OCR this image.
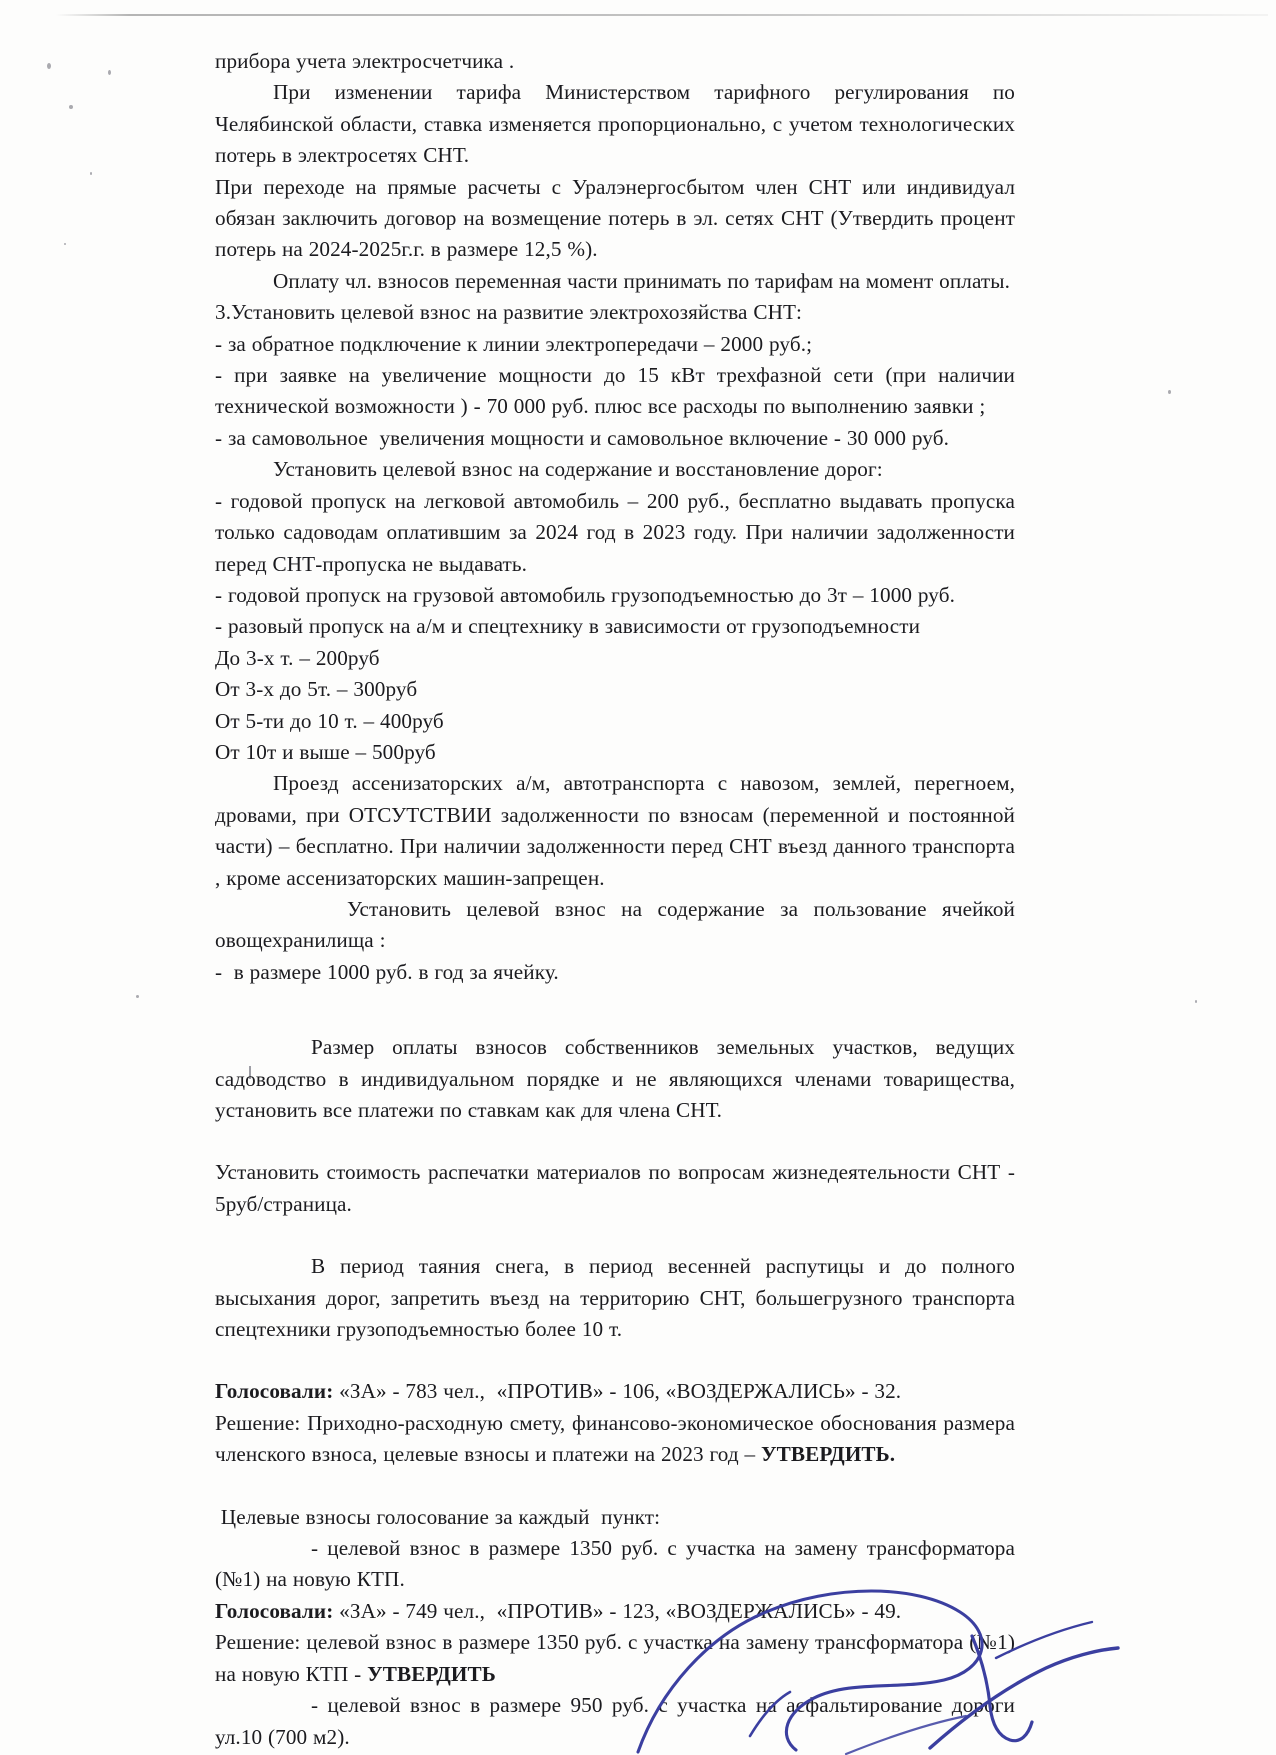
прибора учета электросчетчика .

При изменении тарифа Министерством тарифного регулирования по Челябинской области, ставка изменяется пропорционально, с учетом технологических потерь в электросетях СНТ.

При переходе на прямые расчеты с Уралэнергосбытом член СНТ или индивидуал обязан заключить договор на возмещение потерь в эл. сетях СНТ (Утвердить процент потерь на 2024-2025г.г. в размере 12,5 %).

Оплату чл. взносов переменная части принимать по тарифам на момент оплаты.

3.Установить целевой взнос на развитие электрохозяйства СНТ:

- за обратное подключение к линии электропередачи – 2000 руб.;

- при заявке на увеличение мощности до 15 кВт трехфазной сети (при наличии технической возможности ) - 70 000 руб. плюс все расходы по выполнению заявки ;

- за самовольное  увеличения мощности и самовольное включение - 30 000 руб.

Установить целевой взнос на содержание и восстановление дорог:

- годовой пропуск на легковой автомобиль – 200 руб., бесплатно выдавать пропуска только садоводам оплатившим за 2024 год в 2023 году. При наличии задолженности перед СНТ-пропуска не выдавать.

- годовой пропуск на грузовой автомобиль грузоподъемностью до 3т – 1000 руб.

- разовый пропуск на а/м и спецтехнику в зависимости от грузоподъемности

До 3-х т. – 200руб

От 3-х до 5т. – 300руб

От 5-ти до 10 т. – 400руб

От 10т и выше – 500руб

Проезд ассенизаторских а/м, автотранспорта с навозом, землей, перегноем, дровами, при ОТСУТСТВИИ задолженности по взносам (переменной и постоянной части) – бесплатно. При наличии задолженности перед СНТ въезд данного транспорта , кроме ассенизаторских машин-запрещен.

Установить целевой взнос на содержание за пользование ячейкой овощехранилища :

-  в размере 1000 руб. в год за ячейку.

Размер оплаты взносов собственников земельных участков, ведущих садоводство в индивидуальном порядке и не являющихся членами товарищества, установить все платежи по ставкам как для члена СНТ.

Установить стоимость распечатки материалов по вопросам жизнедеятельности СНТ - 5руб/страница.

В период таяния снега, в период весенней распутицы и до полного высыхания дорог, запретить въезд на территорию СНТ, большегрузного транспорта спецтехники грузоподъемностью более 10 т.

Голосовали: «ЗА» - 783 чел.,  «ПРОТИВ» - 106, «ВОЗДЕРЖАЛИСЬ» - 32.

Решение: Приходно-расходную смету, финансово-экономическое обоснования размера членского взноса, целевые взносы и платежи на 2023 год – УТВЕРДИТЬ.

Целевые взносы голосование за каждый  пункт:

- целевой взнос в размере 1350 руб. с участка на замену трансформатора (№1) на новую КТП.

Голосовали: «ЗА» - 749 чел.,  «ПРОТИВ» - 123, «ВОЗДЕРЖАЛИСЬ» - 49.

Решение: целевой взнос в размере 1350 руб. с участка на замену трансформатора (№1) на новую КТП - УТВЕРДИТЬ

- целевой взнос в размере 950 руб. с участка на асфальтирование дороги ул.10 (700 м2).
